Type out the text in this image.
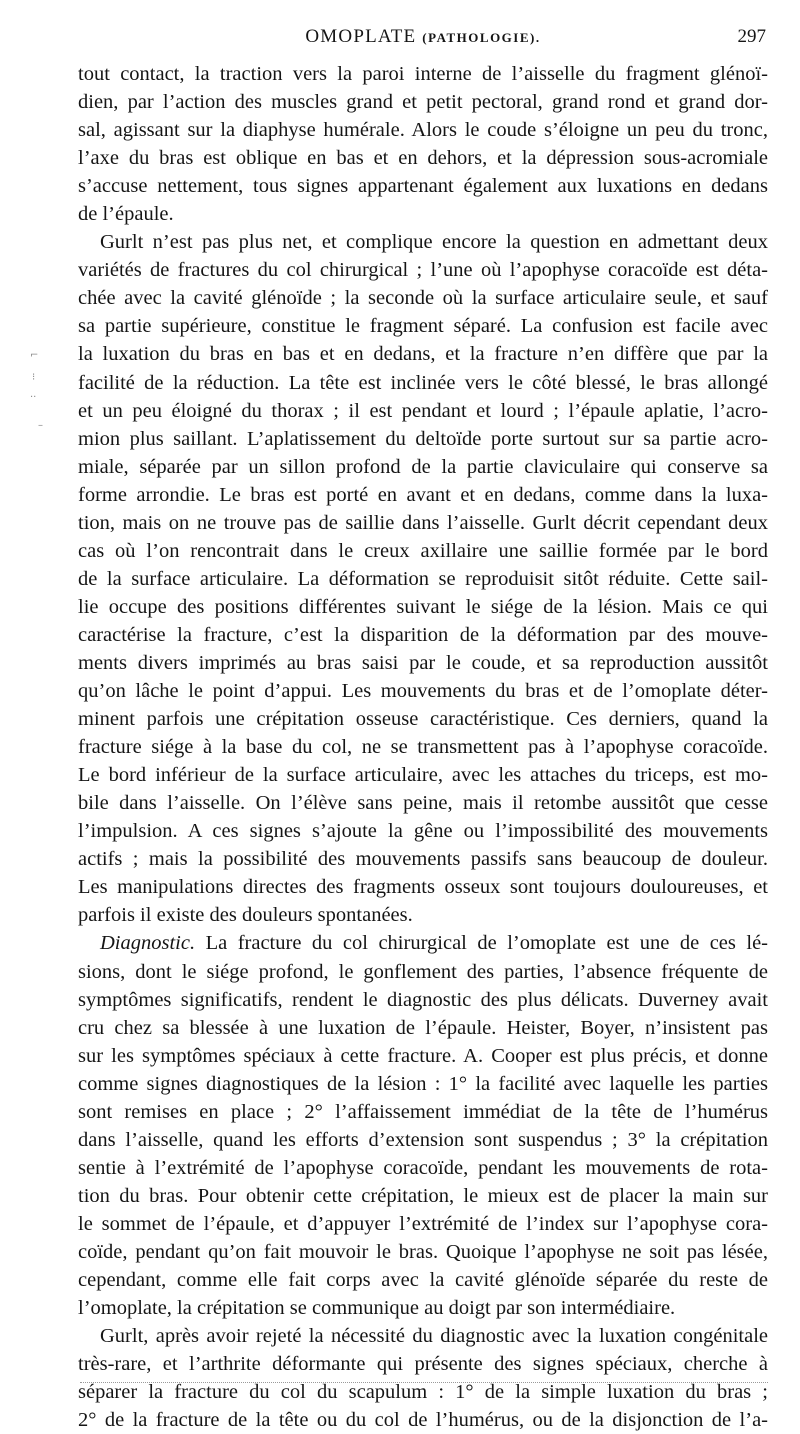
OMOPLATE (PATHOLOGIE).	297
tout contact, la traction vers la paroi interne de l’aisselle du fragment glénoï-
dien, par l’action des muscles grand et petit pectoral, grand rond et grand dor-
sal, agissant sur la diaphyse humérale. Alors le coude s’éloigne un peu du tronc,
l’axe du bras est oblique en bas et en dehors, et la dépression sous-acromiale
s’accuse nettement, tous signes appartenant également aux luxations en dedans
de l’épaule.
Gurlt n’est pas plus net, et complique encore la question en admettant deux
variétés de fractures du col chirurgical ; l’une où l’apophyse coracoïde est déta-
chée avec la cavité glénoïde ; la seconde où la surface articulaire seule, et sauf
sa partie supérieure, constitue le fragment séparé. La confusion est facile avec
la luxation du bras en bas et en dedans, et la fracture n’en diffère que par la
facilité de la réduction. La tête est inclinée vers le côté blessé, le bras allongé
et un peu éloigné du thorax ; il est pendant et lourd ; l’épaule aplatie, l’acro-
mion plus saillant. L’aplatissement du deltoïde porte surtout sur sa partie acro-
miale, séparée par un sillon profond de la partie claviculaire qui conserve sa
forme arrondie. Le bras est porté en avant et en dedans, comme dans la luxa-
tion, mais on ne trouve pas de saillie dans l’aisselle. Gurlt décrit cependant deux
cas où l’on rencontrait dans le creux axillaire une saillie formée par le bord
de la surface articulaire. La déformation se reproduisit sitôt réduite. Cette sail-
lie occupe des positions différentes suivant le siége de la lésion. Mais ce qui
caractérise la fracture, c’est la disparition de la déformation par des mouve-
ments divers imprimés au bras saisi par le coude, et sa reproduction aussitôt
qu’on lâche le point d’appui. Les mouvements du bras et de l’omoplate déter-
minent parfois une crépitation osseuse caractéristique. Ces derniers, quand la
fracture siége à la base du col, ne se transmettent pas à l’apophyse coracoïde.
Le bord inférieur de la surface articulaire, avec les attaches du triceps, est mo-
bile dans l’aisselle. On l’élève sans peine, mais il retombe aussitôt que cesse
l’impulsion. A ces signes s’ajoute la gêne ou l’impossibilité des mouvements
actifs ; mais la possibilité des mouvements passifs sans beaucoup de douleur.
Les manipulations directes des fragments osseux sont toujours douloureuses, et
parfois il existe des douleurs spontanées.
Diagnostic. La fracture du col chirurgical de l’omoplate est une de ces lé-
sions, dont le siége profond, le gonflement des parties, l’absence fréquente de
symptômes significatifs, rendent le diagnostic des plus délicats. Duverney avait
cru chez sa blessée à une luxation de l’épaule. Heister, Boyer, n’insistent pas
sur les symptômes spéciaux à cette fracture. A. Cooper est plus précis, et donne
comme signes diagnostiques de la lésion : 1° la facilité avec laquelle les parties
sont remises en place ; 2° l’affaissement immédiat de la tête de l’humérus
dans l’aisselle, quand les efforts d’extension sont suspendus ; 3° la crépitation
sentie à l’extrémité de l’apophyse coracoïde, pendant les mouvements de rota-
tion du bras. Pour obtenir cette crépitation, le mieux est de placer la main sur
le sommet de l’épaule, et d’appuyer l’extrémité de l’index sur l’apophyse cora-
coïde, pendant qu’on fait mouvoir le bras. Quoique l’apophyse ne soit pas lésée,
cependant, comme elle fait corps avec la cavité glénoïde séparée du reste de
l’omoplate, la crépitation se communique au doigt par son intermédiaire.
Gurlt, après avoir rejeté la nécessité du diagnostic avec la luxation congénitale
très-rare, et l’arthrite déformante qui présente des signes spéciaux, cherche à
séparer la fracture du col du scapulum : 1° de la simple luxation du bras ;
2° de la fracture de la tête ou du col de l’humérus, ou de la disjonction de l’a-
⌐
⁝
··
–
